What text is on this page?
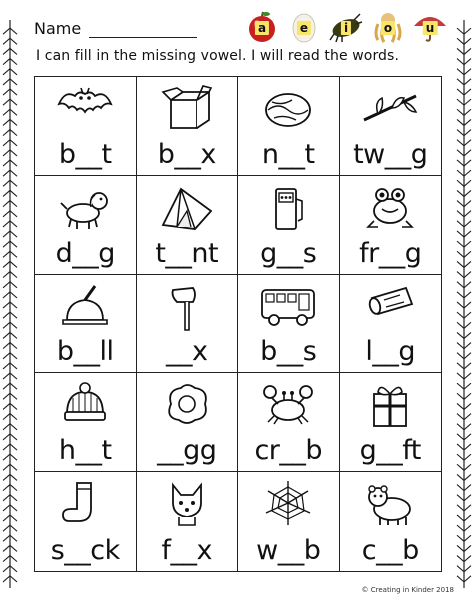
Name	a	e	i	o	u
I can fill in the missing vowel. I will read the words.
b__t	b__x	n__t	tw__g
d__g	t__nt	g__s	fr__g
b__ll	__x	b__s	l__g
h__t	__gg	cr__b	g__ft
s__ck	f__x	w__b	c__b
© Creating in Kinder 2018
